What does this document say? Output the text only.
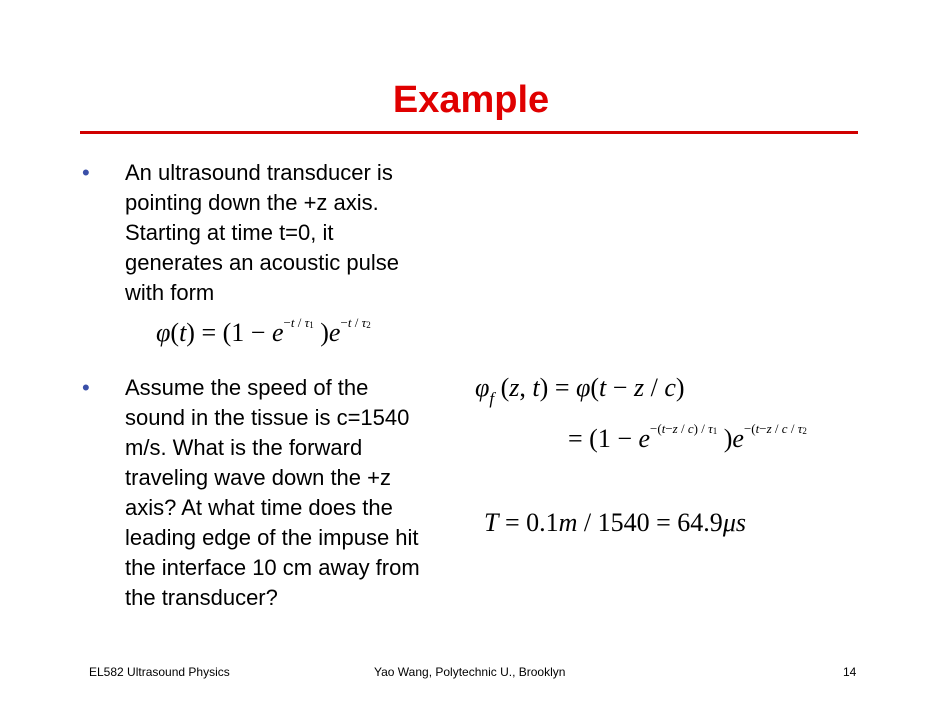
Example
• An ultrasound transducer is
pointing down the +z axis.
Starting at time t=0, it
generates an acoustic pulse
with form
$\varphi(t) = (1 - e^{-t / \tau_1}$ )$e^{-t / \tau_2}$
• Assume the speed of the
sound in the tissue is c=1540
m/s. What is the forward
traveling wave down the +z
axis? At what time does the
leading edge of the impuse hit
the interface 10 cm away from
the transducer?
$\varphi_f$ (z, t) = φ(t − z / c)
= ($1 - e^{-(t-z / c) / \tau_1}$ )$e^{-(t-z / c / \tau_2}$
T = 0.1m / 1540 = 64.9μs
EL582 Ultrasound Physics	Yao Wang, Polytechnic U., Brooklyn	14
